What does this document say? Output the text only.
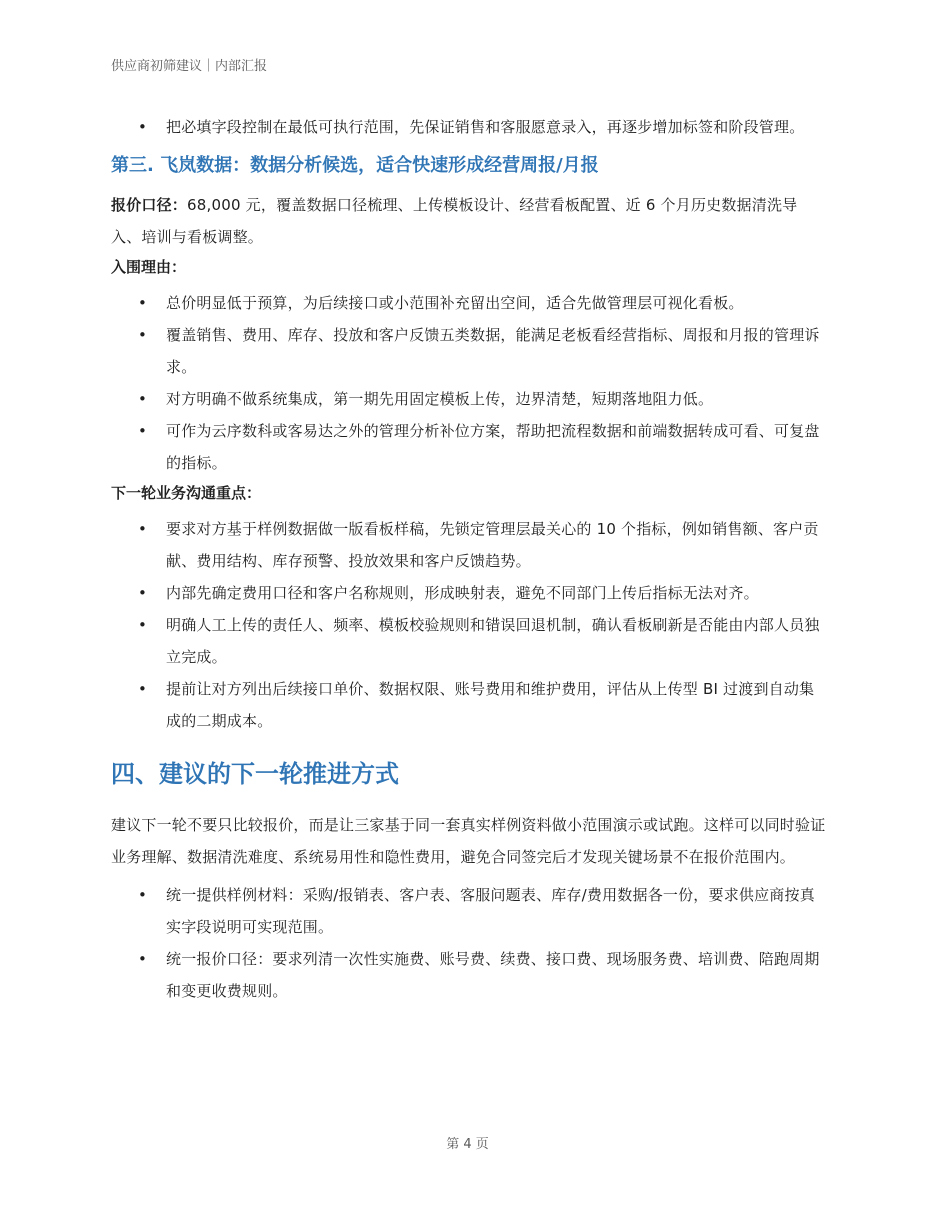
供应商初筛建议｜内部汇报
• 把必填字段控制在最低可执行范围，先保证销售和客服愿意录入，再逐步增加标签和阶段管理。
第三. 飞岚数据：数据分析候选，适合快速形成经营周报/月报

报价口径：68,000 元，覆盖数据口径梳理、上传模板设计、经营看板配置、近 6 个月历史数据清洗导入、培训与看板调整。

入围理由：
• 总价明显低于预算，为后续接口或小范围补充留出空间，适合先做管理层可视化看板。
• 覆盖销售、费用、库存、投放和客户反馈五类数据，能满足老板看经营指标、周报和月报的管理诉求。
• 对方明确不做系统集成，第一期先用固定模板上传，边界清楚，短期落地阻力低。
• 可作为云序数科或客易达之外的管理分析补位方案，帮助把流程数据和前端数据转成可看、可复盘的指标。
下一轮业务沟通重点：
• 要求对方基于样例数据做一版看板样稿，先锁定管理层最关心的 10 个指标，例如销售额、客户贡献、费用结构、库存预警、投放效果和客户反馈趋势。
• 内部先确定费用口径和客户名称规则，形成映射表，避免不同部门上传后指标无法对齐。
• 明确人工上传的责任人、频率、模板校验规则和错误回退机制，确认看板刷新是否能由内部人员独立完成。
• 提前让对方列出后续接口单价、数据权限、账号费用和维护费用，评估从上传型 BI 过渡到自动集成的二期成本。
四、建议的下一轮推进方式

建议下一轮不要只比较报价，而是让三家基于同一套真实样例资料做小范围演示或试跑。这样可以同时验证业务理解、数据清洗难度、系统易用性和隐性费用，避免合同签完后才发现关键场景不在报价范围内。

• 统一提供样例材料：采购/报销表、客户表、客服问题表、库存/费用数据各一份，要求供应商按真实字段说明可实现范围。
• 统一报价口径：要求列清一次性实施费、账号费、续费、接口费、现场服务费、培训费、陪跑周期和变更收费规则。
第 4 页
